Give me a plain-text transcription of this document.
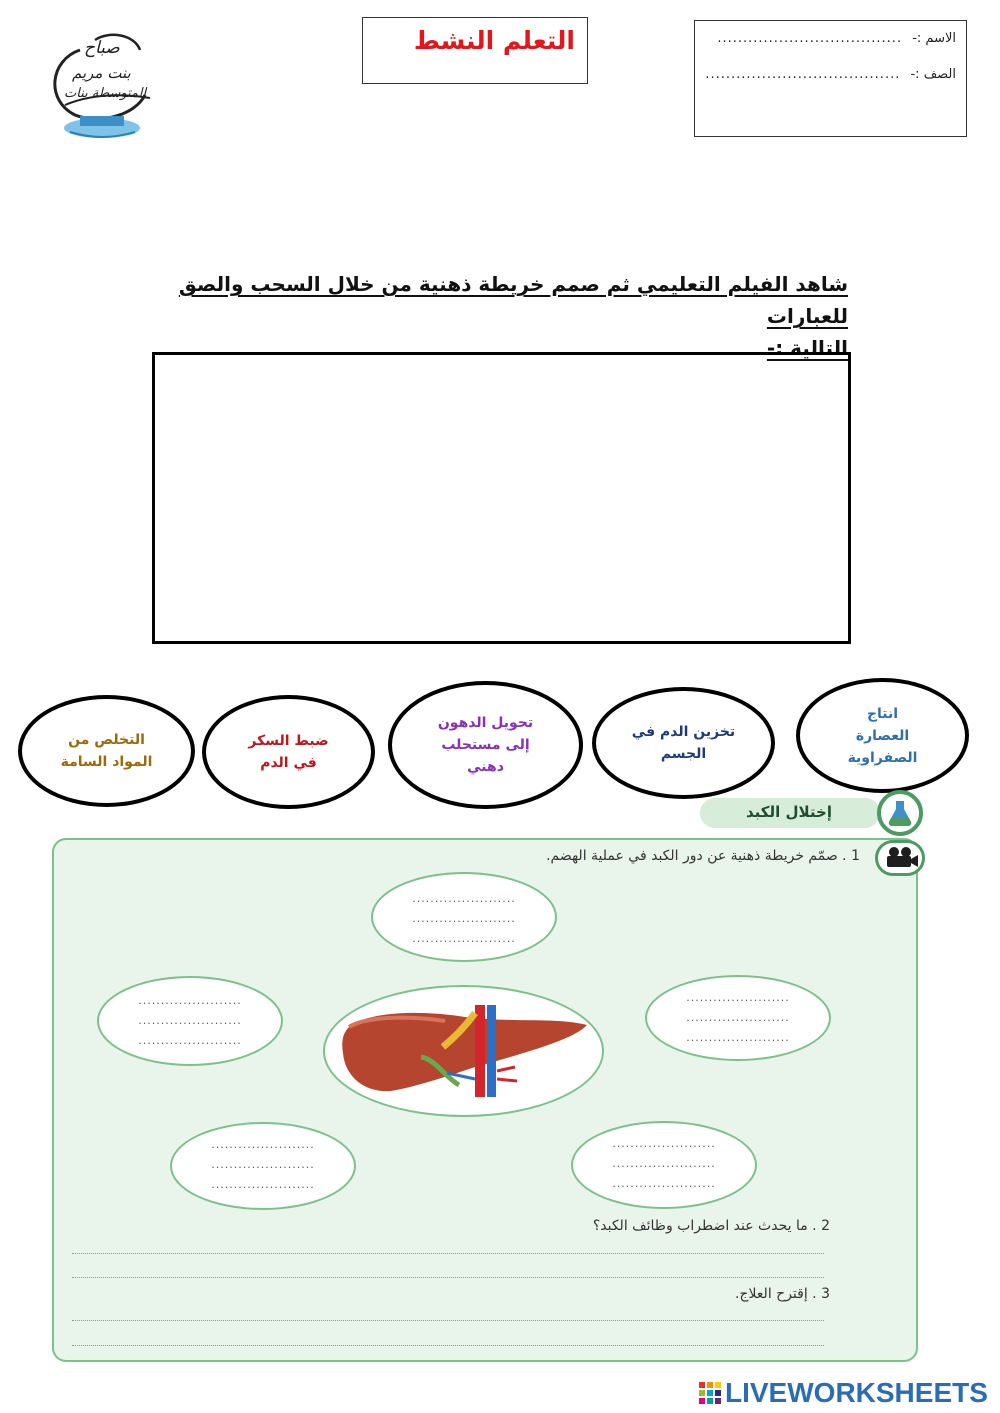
صباح
بنت مريم
المتوسطة بنات
التعلم النشط	الاسم :- ....................................
الصف :- ......................................
شاهد الفيلم التعليمي ثم صمم خريطة ذهنية من خلال السحب والصق للعبارات
التالية :-
انتاج
العصارة
الصفراوية
تخزين الدم في
الجسم
تحويل الدهون
إلى مستحلب
دهني
ضبط السكر
في الدم
التخلص من
المواد السامة
إختلال الكبد
1 . صمّم خريطة ذهنية عن دور الكبد في عملية الهضم.
.......................
.......................
.......................
.......................
.......................
.......................
.......................
.......................
.......................
.......................
.......................
.......................
.......................
.......................
.......................
2 . ما يحدث عند اضطراب وظائف الكبد؟
3 . إقترح العلاج.
LIVEWORKSHEETS
